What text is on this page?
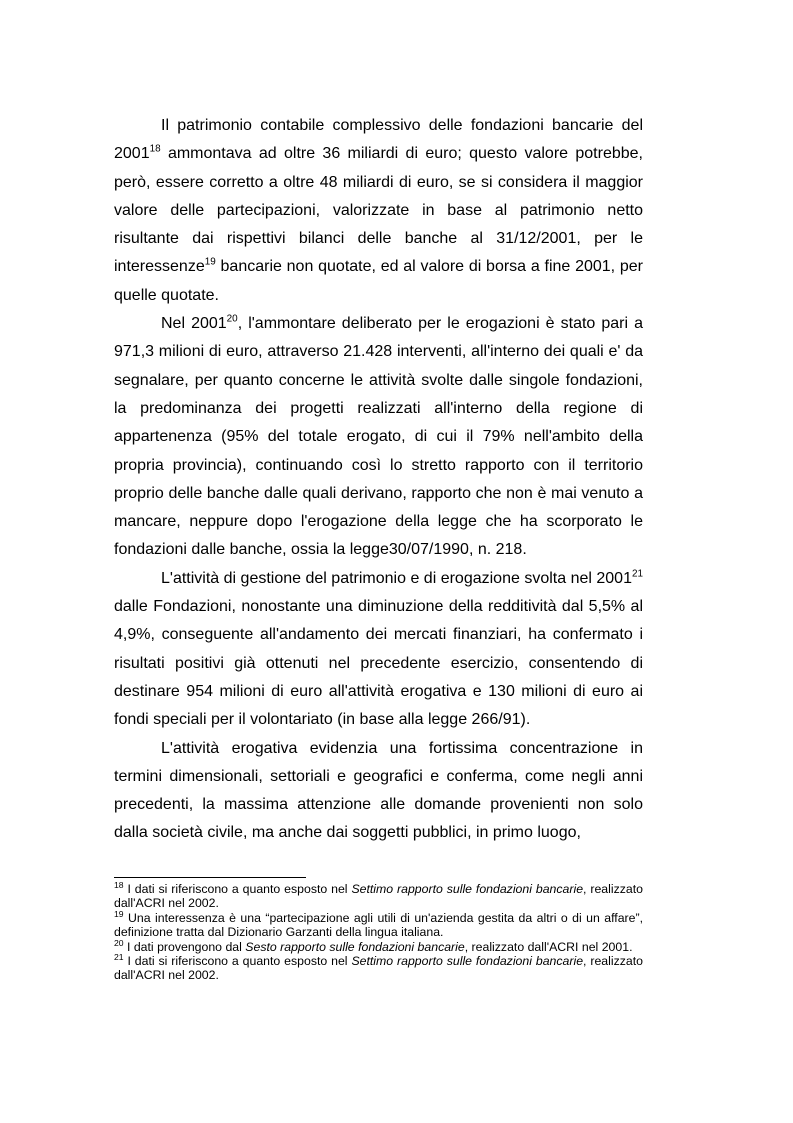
Il patrimonio contabile complessivo delle fondazioni bancarie del 2001$^{18}$ ammontava ad oltre 36 miliardi di euro; questo valore potrebbe, però, essere corretto a oltre 48 miliardi di euro, se si considera il maggior valore delle partecipazioni, valorizzate in base al patrimonio netto risultante dai rispettivi bilanci delle banche al 31/12/2001, per le interessenze$^{19}$ bancarie non quotate, ed al valore di borsa a fine 2001, per quelle quotate.

Nel 2001$^{20}$, l'ammontare deliberato per le erogazioni è stato pari a 971,3 milioni di euro, attraverso 21.428 interventi, all'interno dei quali e' da segnalare, per quanto concerne le attività svolte dalle singole fondazioni, la predominanza dei progetti realizzati all'interno della regione di appartenenza (95% del totale erogato, di cui il 79% nell'ambito della propria provincia), continuando così lo stretto rapporto con il territorio proprio delle banche dalle quali derivano, rapporto che non è mai venuto a mancare, neppure dopo l'erogazione della legge che ha scorporato le fondazioni dalle banche, ossia la legge30/07/1990, n. 218.

L'attività di gestione del patrimonio e di erogazione svolta nel 2001$^{21}$ dalle Fondazioni, nonostante una diminuzione della redditività dal 5,5% al 4,9%, conseguente all'andamento dei mercati finanziari, ha confermato i risultati positivi già ottenuti nel precedente esercizio, consentendo di destinare 954 milioni di euro all'attività erogativa e 130 milioni di euro ai fondi speciali per il volontariato (in base alla legge 266/91).

L'attività erogativa evidenzia una fortissima concentrazione in termini dimensionali, settoriali e geografici e conferma, come negli anni precedenti, la massima attenzione alle domande provenienti non solo dalla società civile, ma anche dai soggetti pubblici, in primo luogo,

$^{18}$ I dati si riferiscono a quanto esposto nel Settimo rapporto sulle fondazioni bancarie, realizzato dall'ACRI nel 2002.

$^{19}$ Una interessenza è una “partecipazione agli utili di un'azienda gestita da altri o di un affare”, definizione tratta dal Dizionario Garzanti della lingua italiana.

$^{20}$ I dati provengono dal Sesto rapporto sulle fondazioni bancarie, realizzato dall'ACRI nel 2001.

$^{21}$ I dati si riferiscono a quanto esposto nel Settimo rapporto sulle fondazioni bancarie, realizzato dall'ACRI nel 2002.
